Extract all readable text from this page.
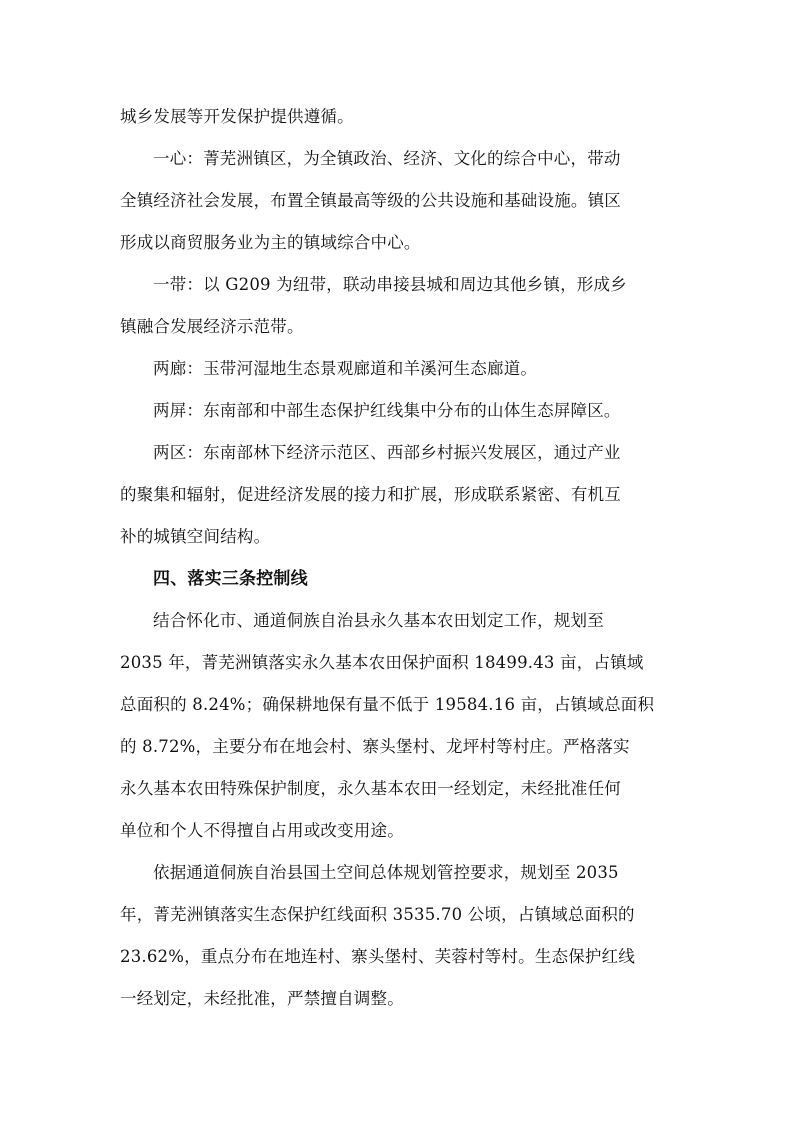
城乡发展等开发保护提供遵循。
一心：菁芜洲镇区，为全镇政治、经济、文化的综合中心，带动
全镇经济社会发展，布置全镇最高等级的公共设施和基础设施。镇区
形成以商贸服务业为主的镇域综合中心。
一带：以 G209 为纽带，联动串接县城和周边其他乡镇，形成乡
镇融合发展经济示范带。
两廊：玉带河湿地生态景观廊道和羊溪河生态廊道。
两屏：东南部和中部生态保护红线集中分布的山体生态屏障区。
两区：东南部林下经济示范区、西部乡村振兴发展区，通过产业
的聚集和辐射，促进经济发展的接力和扩展，形成联系紧密、有机互
补的城镇空间结构。
四、落实三条控制线
结合怀化市、通道侗族自治县永久基本农田划定工作，规划至
2035 年，菁芜洲镇落实永久基本农田保护面积 18499.43 亩，占镇域
总面积的 8.24%；确保耕地保有量不低于 19584.16 亩，占镇域总面积
的 8.72%，主要分布在地会村、寨头堡村、龙坪村等村庄。严格落实
永久基本农田特殊保护制度，永久基本农田一经划定，未经批准任何
单位和个人不得擅自占用或改变用途。
依据通道侗族自治县国土空间总体规划管控要求，规划至 2035
年，菁芜洲镇落实生态保护红线面积 3535.70 公顷，占镇域总面积的
23.62%，重点分布在地连村、寨头堡村、芙蓉村等村。生态保护红线
一经划定，未经批准，严禁擅自调整。
